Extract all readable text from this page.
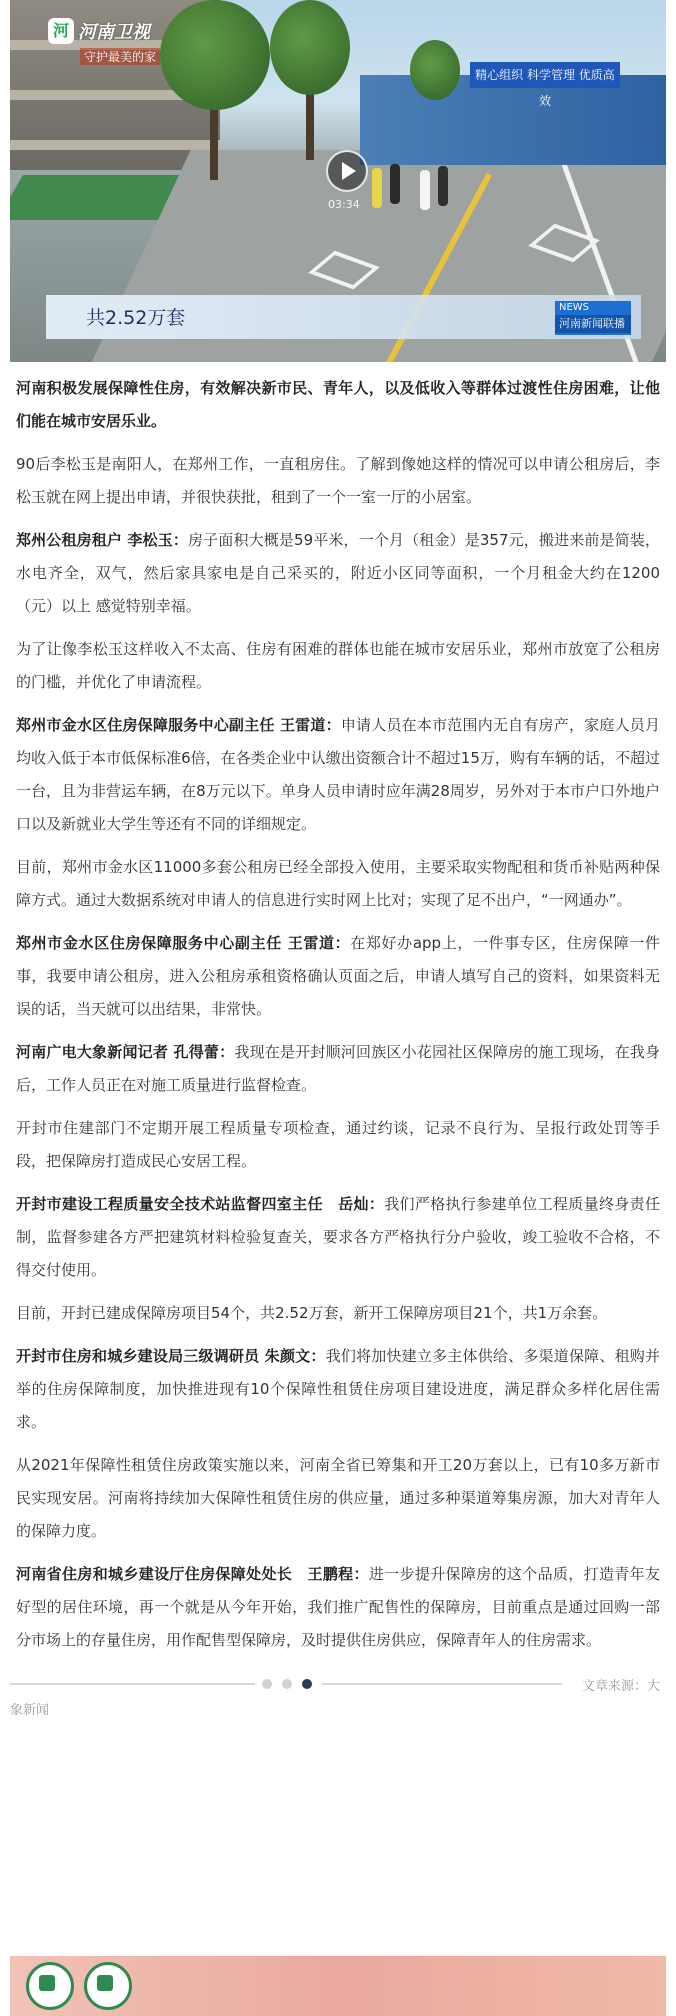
精心组织 科学管理 优质高效
河 河南卫视
守护最美的家
03:34
共2.52万套	NEWS
河南新闻联播

河南积极发展保障性住房，有效解决新市民、青年人，以及低收入等群体过渡性住房困难，让他们能在城市安居乐业。

90后李松玉是南阳人，在郑州工作，一直租房住。了解到像她这样的情况可以申请公租房后，李松玉就在网上提出申请，并很快获批，租到了一个一室一厅的小居室。

郑州公租房租户 李松玉：房子面积大概是59平米，一个月（租金）是357元，搬进来前是简装，水电齐全，双气，然后家具家电是自己采买的，附近小区同等面积，一个月租金大约在1200（元）以上 感觉特别幸福。

为了让像李松玉这样收入不太高、住房有困难的群体也能在城市安居乐业，郑州市放宽了公租房的门槛，并优化了申请流程。

郑州市金水区住房保障服务中心副主任 王雷道：申请人员在本市范围内无自有房产，家庭人员月均收入低于本市低保标准6倍，在各类企业中认缴出资额合计不超过15万，购有车辆的话，不超过一台，且为非营运车辆，在8万元以下。单身人员申请时应年满28周岁，另外对于本市户口外地户口以及新就业大学生等还有不同的详细规定。

目前，郑州市金水区11000多套公租房已经全部投入使用，主要采取实物配租和货币补贴两种保障方式。通过大数据系统对申请人的信息进行实时网上比对；实现了足不出户，“一网通办”。

郑州市金水区住房保障服务中心副主任 王雷道：在郑好办app上，一件事专区，住房保障一件事，我要申请公租房，进入公租房承租资格确认页面之后，申请人填写自己的资料，如果资料无误的话，当天就可以出结果，非常快。

河南广电大象新闻记者 孔得蕾：我现在是开封顺河回族区小花园社区保障房的施工现场，在我身后，工作人员正在对施工质量进行监督检查。

开封市住建部门不定期开展工程质量专项检查，通过约谈，记录不良行为、呈报行政处罚等手段，把保障房打造成民心安居工程。

开封市建设工程质量安全技术站监督四室主任　岳灿：我们严格执行参建单位工程质量终身责任制，监督参建各方严把建筑材料检验复查关，要求各方严格执行分户验收，竣工验收不合格，不得交付使用。

目前，开封已建成保障房项目54个，共2.52万套，新开工保障房项目21个，共1万余套。

开封市住房和城乡建设局三级调研员 朱颜文：我们将加快建立多主体供给、多渠道保障、租购并举的住房保障制度，加快推进现有10个保障性租赁住房项目建设进度，满足群众多样化居住需求。

从2021年保障性租赁住房政策实施以来，河南全省已筹集和开工20万套以上，已有10多万新市民实现安居。河南将持续加大保障性租赁住房的供应量，通过多种渠道筹集房源，加大对青年人的保障力度。

河南省住房和城乡建设厅住房保障处处长　王鹏程：进一步提升保障房的这个品质，打造青年友好型的居住环境，再一个就是从今年开始，我们推广配售性的保障房，目前重点是通过回购一部分市场上的存量住房，用作配售型保障房，及时提供住房供应，保障青年人的住房需求。

文章来源：大
象新闻
